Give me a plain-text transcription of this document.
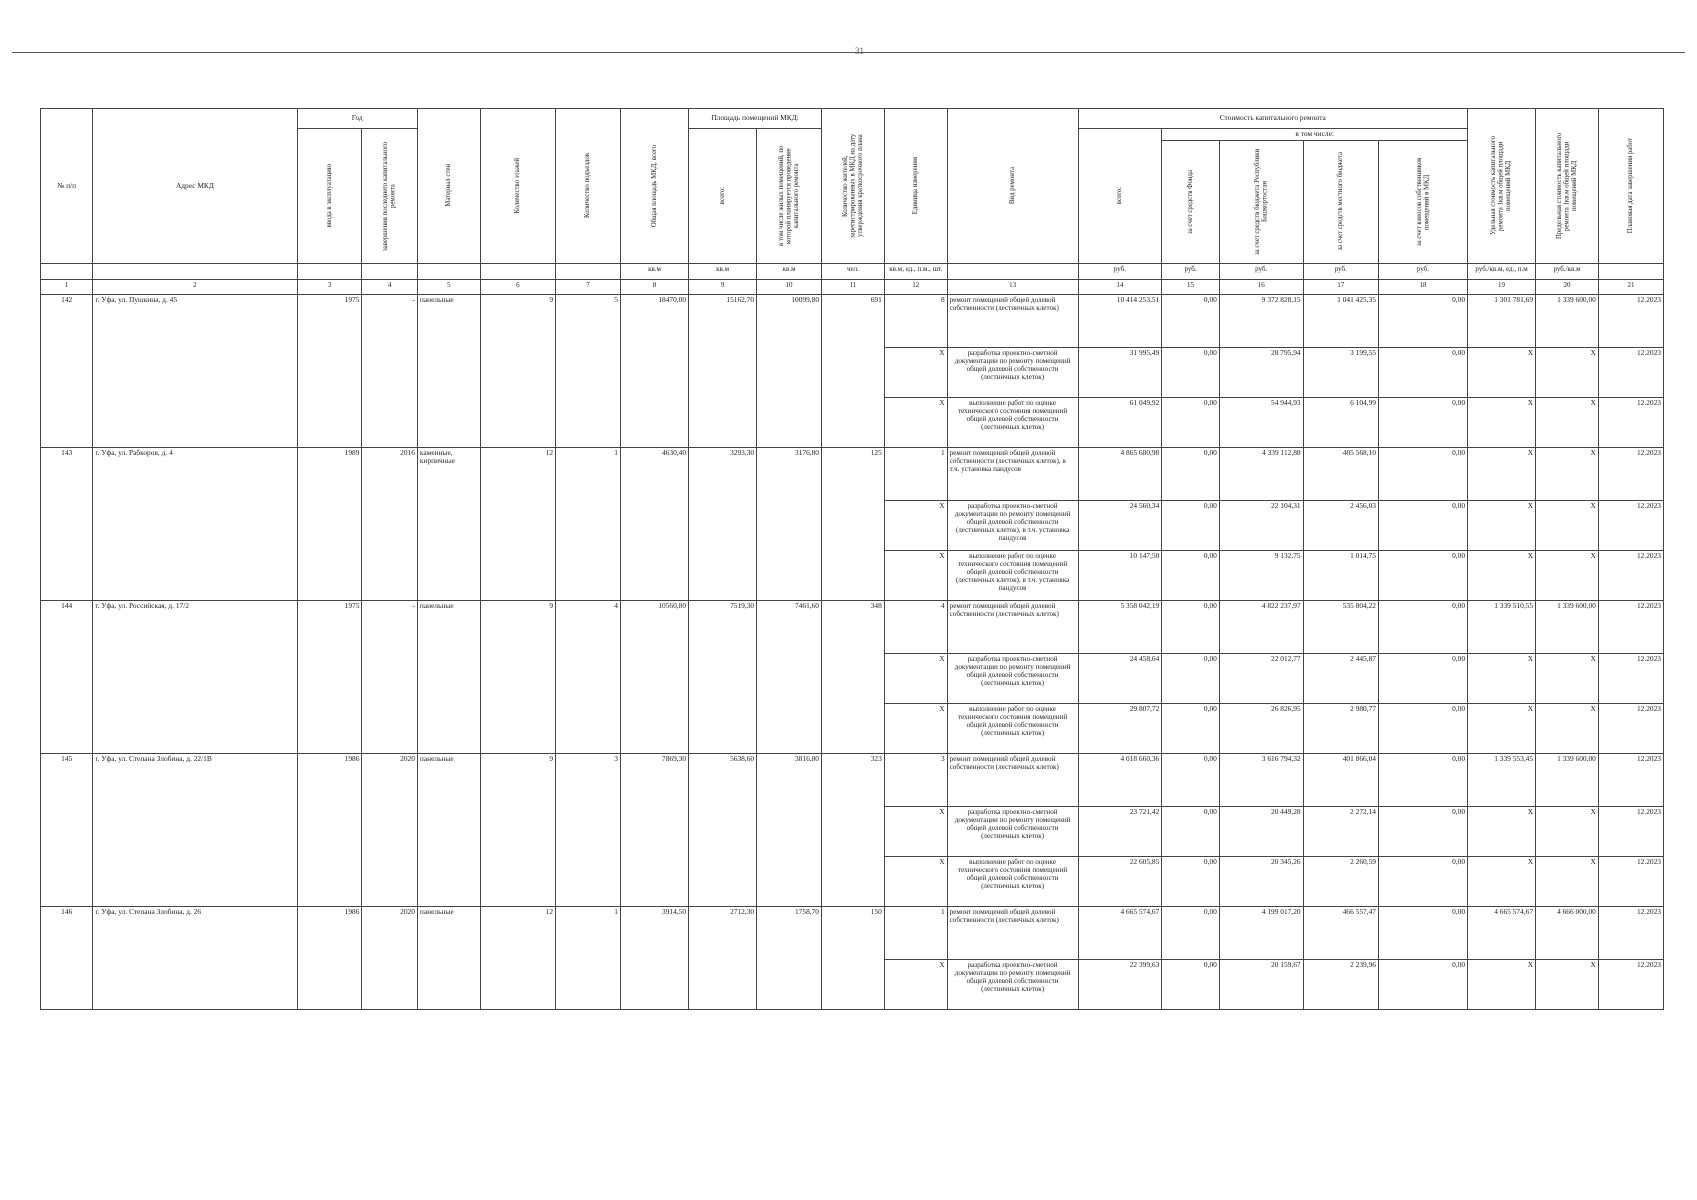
31
№ п/п	Адрес МКД	Год		Материал стен	Количество этажей	Количество подъездов	Общая площадь МКД, всего	Площадь помещений МКД:		Количество жителей, зарегистрированных в МКД на дату утверждения краткосрочного плана	Единица измерения	Вид ремонта	Стоимость капитального ремонта					Удельная стоимость капитального ремонта 1кв.м общей площади помещений МКД	Предельная стоимость капитального ремонта 1кв.м общей площади помещений МКД	Плановая дата завершения работ

		ввода в эксплуатацию	завершения последнего капитального ремонта					всего:	в том числе жилых помещений, по которой планируется проведение капитального ремонта				всего:	в том числе:						

														за счет средств Фонда	за счет средств бюджета Республики Башкортостан	за счет средств местного бюджета	за счет взносов собственников помещений в МКД			

							кв.м	кв.м	кв.м	чел.	кв.м, ед., п.м., шт.		руб.	руб.	руб.	руб.	руб.	руб./кв.м, ед., п.м	руб./кв.м	
1	2	3	4	5	6	7	8	9	10	11	12	13	14	15	16	17	18	19	20	21
142	г. Уфа, ул. Пушкина, д. 45	1975	-	панельные	9	5	18470,00	15162,70	10099,80	691	8	ремонт помещений общей долевой собственности (лестничных клеток)	10 414 253,51	0,00	9 372 828,15	1 041 425,35	0,00	1 301 781,69	1 339 600,00	12.2023
											X	разработка проектно-сметной документации по ремонту помещений общей долевой собственности (лестничных клеток)	31 995,49	0,00	28 795,94	3 199,55	0,00	X	X	12.2023
											X	выполнение работ по оценке технического состояния помещений общей долевой собственности (лестничных клеток)	61 049,92	0,00	54 944,93	6 104,99	0,00	X	X	12.2023
143	г. Уфа, ул. Рабкоров, д. 4	1989	2016	каменные, кирпичные	12	1	4630,40	3293,30	3176,80	125	1	ремонт помещений общей долевой собственности (лестничных клеток), в т.ч. установка пандусов	4 865 680,98	0,00	4 339 112,88	485 568,10	0,00	X	X	12.2023
											X	разработка проектно-сметной документации по ремонту помещений общей долевой собственности (лестничных клеток), в т.ч. установка пандусов	24 560,34	0,00	22 104,31	2 456,03	0,00	X	X	12.2023
											X	выполнение работ по оценке технического состояния помещений общей долевой собственности (лестничных клеток), в т.ч. установка пандусов	10 147,50	0,00	9 132,75	1 014,75	0,00	X	X	12.2023
144	г. Уфа, ул. Российская, д. 17/2	1975	-	панельные	9	4	10560,80	7519,30	7461,60	348	4	ремонт помещений общей долевой собственности (лестничных клеток)	5 358 042,19	0,00	4 822 237,97	535 804,22	0,00	1 339 510,55	1 339 600,00	12.2023
											X	разработка проектно-сметной документации по ремонту помещений общей долевой собственности (лестничных клеток)	24 458,64	0,00	22 012,77	2 445,87	0,00	X	X	12.2023
											X	выполнение работ по оценке технического состояния помещений общей долевой собственности (лестничных клеток)	29 807,72	0,00	26 826,95	2 980,77	0,00	X	X	12.2023
145	г. Уфа, ул. Степана Злобина, д. 22/1В	1986	2020	панельные	9	3	7869,30	5638,60	3816,80	323	3	ремонт помещений общей долевой собственности (лестничных клеток)	4 018 660,36	0,00	3 616 794,32	401 866,04	0,00	1 339 553,45	1 339 600,00	12.2023
											X	разработка проектно-сметной документации по ремонту помещений общей долевой собственности (лестничных клеток)	23 721,42	0,00	20 449,28	2 272,14	0,00	X	X	12.2023
											X	выполнение работ по оценке технического состояния помещений общей долевой собственности (лестничных клеток)	22 605,85	0,00	20 345,26	2 260,59	0,00	X	X	12.2023
146	г. Уфа, ул. Степана Злобина, д. 26	1986	2020	панельные	12	1	3914,50	2712,30	1758,70	150	1	ремонт помещений общей долевой собственности (лестничных клеток)	4 665 574,67	0,00	4 199 017,20	466 557,47	0,00	4 665 574,67	4 666 000,00	12.2023
											X	разработка проектно-сметной документации по ремонту помещений общей долевой собственности (лестничных клеток)	22 399,63	0,00	20 159,67	2 239,96	0,00	X	X	12.2023
